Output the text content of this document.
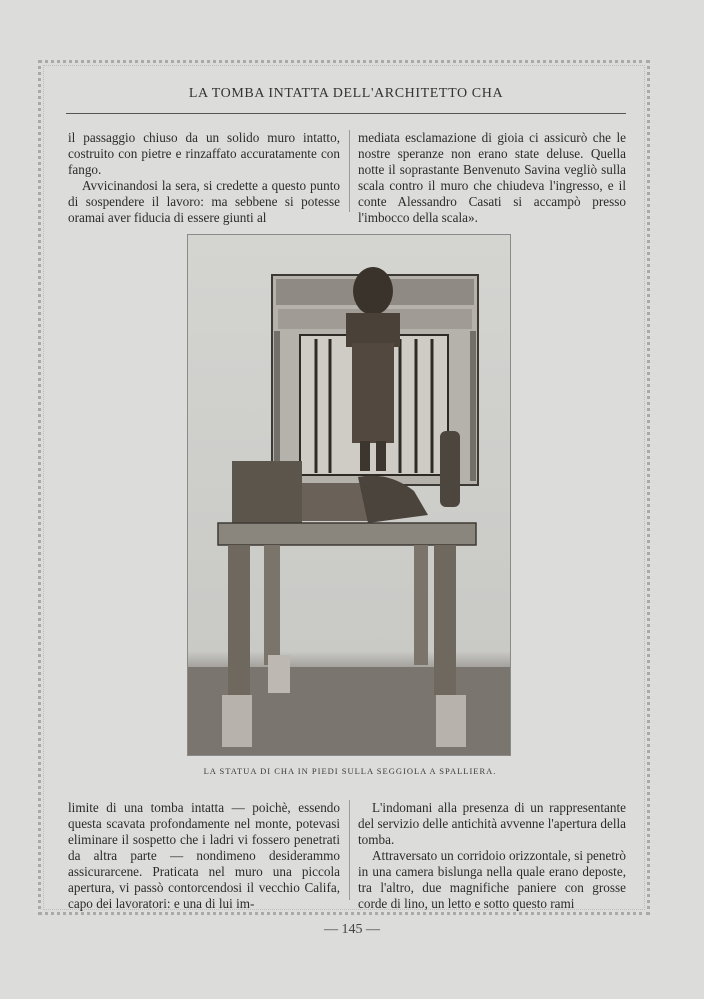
LA TOMBA INTATTA DELL'ARCHITETTO CHA

il passaggio chiuso da un solido muro intatto, costruito con pietre e rinzaffato accuratamente con fango.

Avvicinandosi la sera, si credette a questo punto di sospendere il lavoro: ma sebbene si potesse oramai aver fiducia di essere giunti al

mediata esclamazione di gioia ci assicurò che le nostre speranze non erano state deluse. Quella notte il soprastante Benvenuto Savina vegliò sulla scala contro il muro che chiudeva l'ingresso, e il conte Alessandro Casati si accampò presso l'imbocco della scala».

LA STATUA DI CHA IN PIEDI SULLA SEGGIOLA A SPALLIERA.

limite di una tomba intatta — poichè, essendo questa scavata profondamente nel monte, potevasi eliminare il sospetto che i ladri vi fossero penetrati da altra parte — nondimeno desiderammo assicurarcene. Praticata nel muro una piccola apertura, vi passò contorcendosi il vecchio Califa, capo dei lavoratori: e una di lui im-

L'indomani alla presenza di un rappresentante del servizio delle antichità avvenne l'apertura della tomba.

Attraversato un corridoio orizzontale, si penetrò in una camera bislunga nella quale erano deposte, tra l'altro, due magnifiche paniere con grosse corde di lino, un letto e sotto questo rami

— 145 —
